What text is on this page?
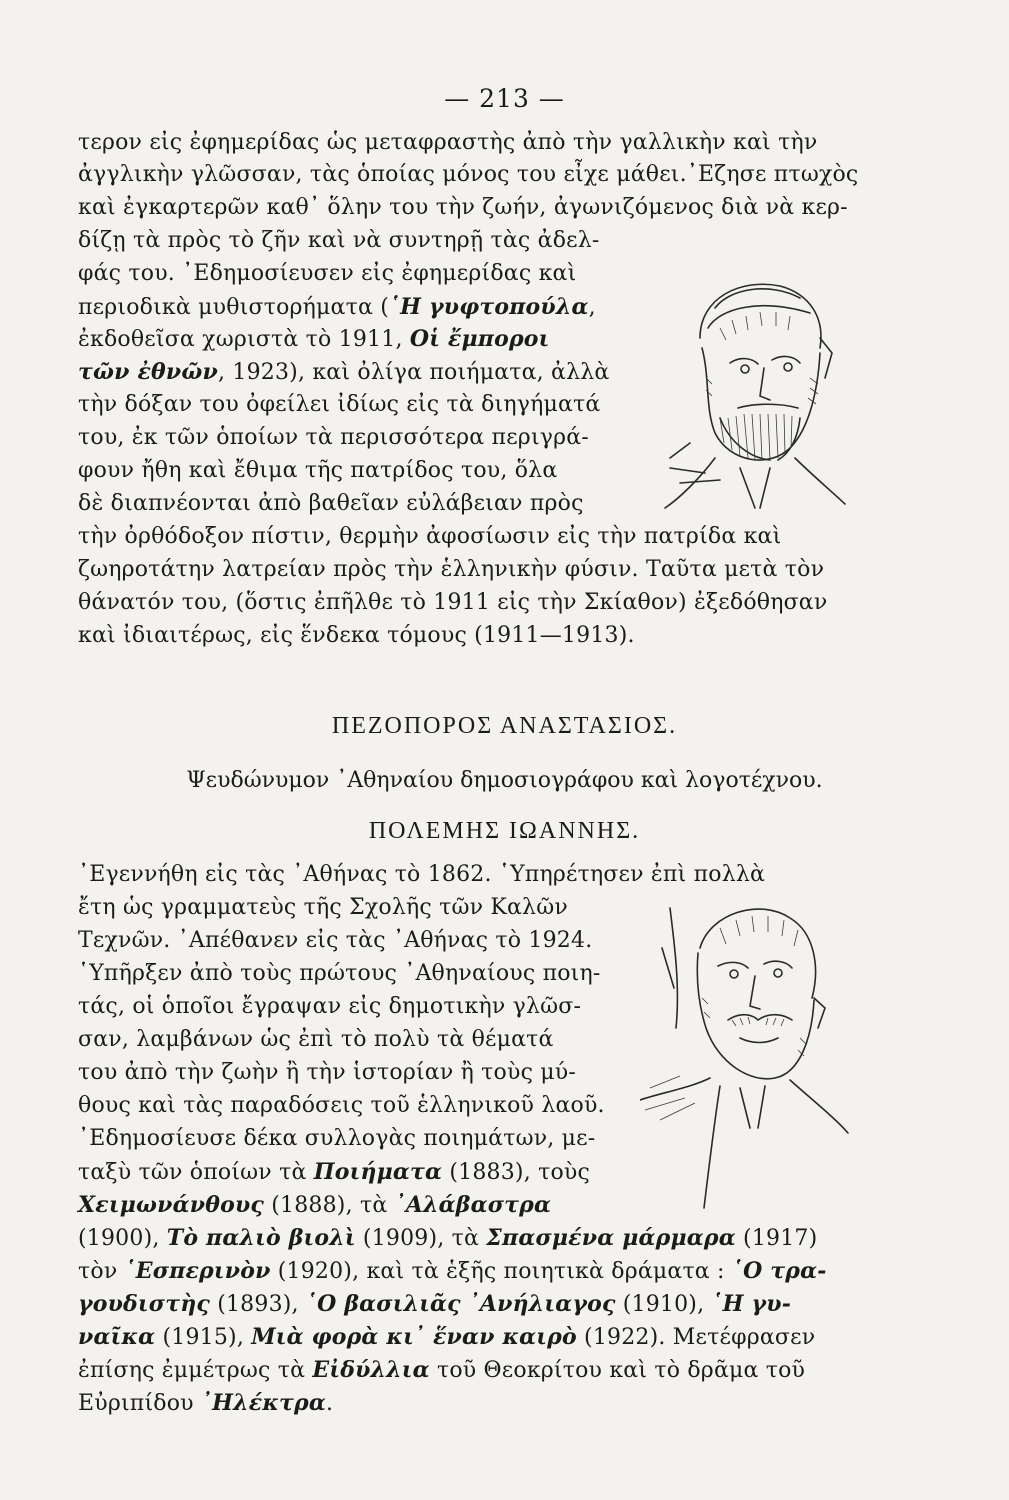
— 213 —
τερον εἰς ἐφημερίδας ὡς μεταφραστὴς ἀπὸ τὴν γαλλικὴν καὶ τὴν
ἀγγλικὴν γλῶσσαν, τὰς ὁποίας μόνος του εἶχε μάθει.᾿Εζησε πτωχὸς
καὶ ἐγκαρτερῶν καθ᾿ ὅλην του τὴν ζωήν, ἀγωνιζόμενος διὰ νὰ κερ-
δίζῃ τὰ πρὸς τὸ ζῆν καὶ νὰ συντηρῇ τὰς ἀδελ-
φάς του. ᾿Εδημοσίευσεν εἰς ἐφημερίδας καὶ
περιοδικὰ μυθιστορήματα (῾Η γυφτοπούλα,
ἐκδοθεῖσα χωριστὰ τὸ 1911, Οἱ ἔμποροι
τῶν ἐθνῶν, 1923), καὶ ὀλίγα ποιήματα, ἀλλὰ
τὴν δόξαν του ὀφείλει ἰδίως εἰς τὰ διηγήματά
του, ἐκ τῶν ὁποίων τὰ περισσότερα περιγρά-
φουν ἤθη καὶ ἔθιμα τῆς πατρίδος του, ὅλα
δὲ διαπνέονται ἀπὸ βαθεῖαν εὐλάβειαν πρὸς
τὴν ὀρθόδοξον πίστιν, θερμὴν ἀφοσίωσιν εἰς τὴν πατρίδα καὶ
ζωηροτάτην λατρείαν πρὸς τὴν ἑλληνικὴν φύσιν. Ταῦτα μετὰ τὸν
θάνατόν του, (ὅστις ἐπῆλθε τὸ 1911 εἰς τὴν Σκίαθον) ἐξεδόθησαν
καὶ ἰδιαιτέρως, εἰς ἕνδεκα τόμους (1911—1913).
ΠΕΖΟΠΟΡΟΣ ΑΝΑΣΤΑΣΙΟΣ.
Ψευδώνυμον ᾿Αθηναίου δημοσιογράφου καὶ λογοτέχνου.
ΠΟΛΕΜΗΣ ΙΩΑΝΝΗΣ.
᾿Εγεννήθη εἰς τὰς ᾿Αθήνας τὸ 1862. ῾Υπηρέτησεν ἐπὶ πολλὰ
ἔτη ὡς γραμματεὺς τῆς Σχολῆς τῶν Καλῶν
Τεχνῶν. ᾿Απέθανεν εἰς τὰς ᾿Αθήνας τὸ 1924.
῾Υπῆρξεν ἀπὸ τοὺς πρώτους ᾿Αθηναίους ποιη-
τάς, οἱ ὁποῖοι ἔγραψαν εἰς δημοτικὴν γλῶσ-
σαν, λαμβάνων ὡς ἐπὶ τὸ πολὺ τὰ θέματά
του ἀπὸ τὴν ζωὴν ἢ τὴν ἱστορίαν ἢ τοὺς μύ-
θους καὶ τὰς παραδόσεις τοῦ ἑλληνικοῦ λαοῦ.
᾿Εδημοσίευσε δέκα συλλογὰς ποιημάτων, με-
ταξὺ τῶν ὁποίων τὰ Ποιήματα (1883), τοὺς
Χειμωνάνθους (1888), τὰ ᾿Αλάβαστρα
(1900), Τὸ παλιὸ βιολὶ (1909), τὰ Σπασμένα μάρμαρα (1917)
τὸν ῾Εσπερινὸν (1920), καὶ τὰ ἑξῆς ποιητικὰ δράματα : ῾Ο τρα-
γουδιστὴς (1893), ῾Ο βασιλιᾶς ᾿Ανήλιαγος (1910), ῾Η γυ-
ναῖκα (1915), Μιὰ φορὰ κι᾿ ἕναν καιρὸ (1922). Μετέφρασεν
ἐπίσης ἐμμέτρως τὰ Εἰδύλλια τοῦ Θεοκρίτου καὶ τὸ δρᾶμα τοῦ
Εὐριπίδου ᾿Ηλέκτρα.
